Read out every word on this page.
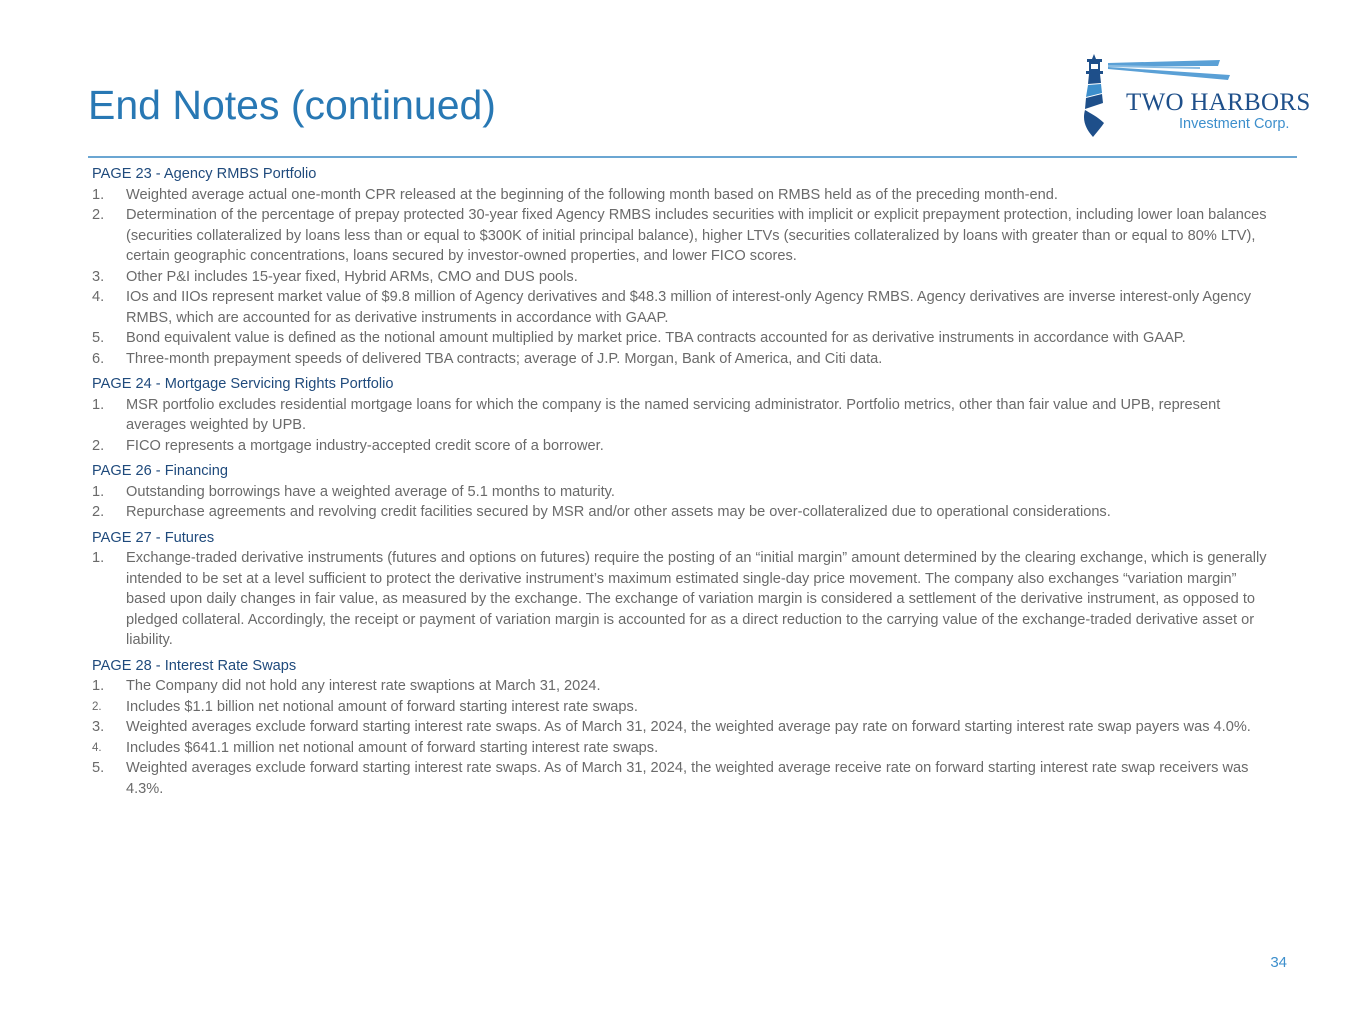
End Notes (continued)	TWO HARBORS
Investment Corp.
PAGE 23 - Agency RMBS Portfolio
1.	Weighted average actual one-month CPR released at the beginning of the following month based on RMBS held as of the preceding month-end.
2.	Determination of the percentage of prepay protected 30-year fixed Agency RMBS includes securities with implicit or explicit prepayment protection, including lower loan balances (securities collateralized by loans less than or equal to $300K of initial principal balance), higher LTVs (securities collateralized by loans with greater than or equal to 80% LTV), certain geographic concentrations, loans secured by investor-owned properties, and lower FICO scores.
3.	Other P&I includes 15-year fixed, Hybrid ARMs, CMO and DUS pools.
4.	IOs and IIOs represent market value of $9.8 million of Agency derivatives and $48.3 million of interest-only Agency RMBS. Agency derivatives are inverse interest-only Agency RMBS, which are accounted for as derivative instruments in accordance with GAAP.
5.	Bond equivalent value is defined as the notional amount multiplied by market price. TBA contracts accounted for as derivative instruments in accordance with GAAP.
6.	Three-month prepayment speeds of delivered TBA contracts; average of J.P. Morgan, Bank of America, and Citi data.
PAGE 24 - Mortgage Servicing Rights Portfolio
1.	MSR portfolio excludes residential mortgage loans for which the company is the named servicing administrator. Portfolio metrics, other than fair value and UPB, represent averages weighted by UPB.
2.	FICO represents a mortgage industry-accepted credit score of a borrower.
PAGE 26 - Financing
1.	Outstanding borrowings have a weighted average of 5.1 months to maturity.
2.	Repurchase agreements and revolving credit facilities secured by MSR and/or other assets may be over-collateralized due to operational considerations.
PAGE 27 - Futures
1.	Exchange-traded derivative instruments (futures and options on futures) require the posting of an “initial margin” amount determined by the clearing exchange, which is generally intended to be set at a level sufficient to protect the derivative instrument’s maximum estimated single-day price movement. The company also exchanges “variation margin” based upon daily changes in fair value, as measured by the exchange. The exchange of variation margin is considered a settlement of the derivative instrument, as opposed to pledged collateral. Accordingly, the receipt or payment of variation margin is accounted for as a direct reduction to the carrying value of the exchange-traded derivative asset or liability.
PAGE 28 - Interest Rate Swaps
1.	The Company did not hold any interest rate swaptions at March 31, 2024.
2.	Includes $1.1 billion net notional amount of forward starting interest rate swaps.
3.	Weighted averages exclude forward starting interest rate swaps. As of March 31, 2024, the weighted average pay rate on forward starting interest rate swap payers was 4.0%.
4.	Includes $641.1 million net notional amount of forward starting interest rate swaps.
5.	Weighted averages exclude forward starting interest rate swaps. As of March 31, 2024, the weighted average receive rate on forward starting interest rate swap receivers was 4.3%.
34
